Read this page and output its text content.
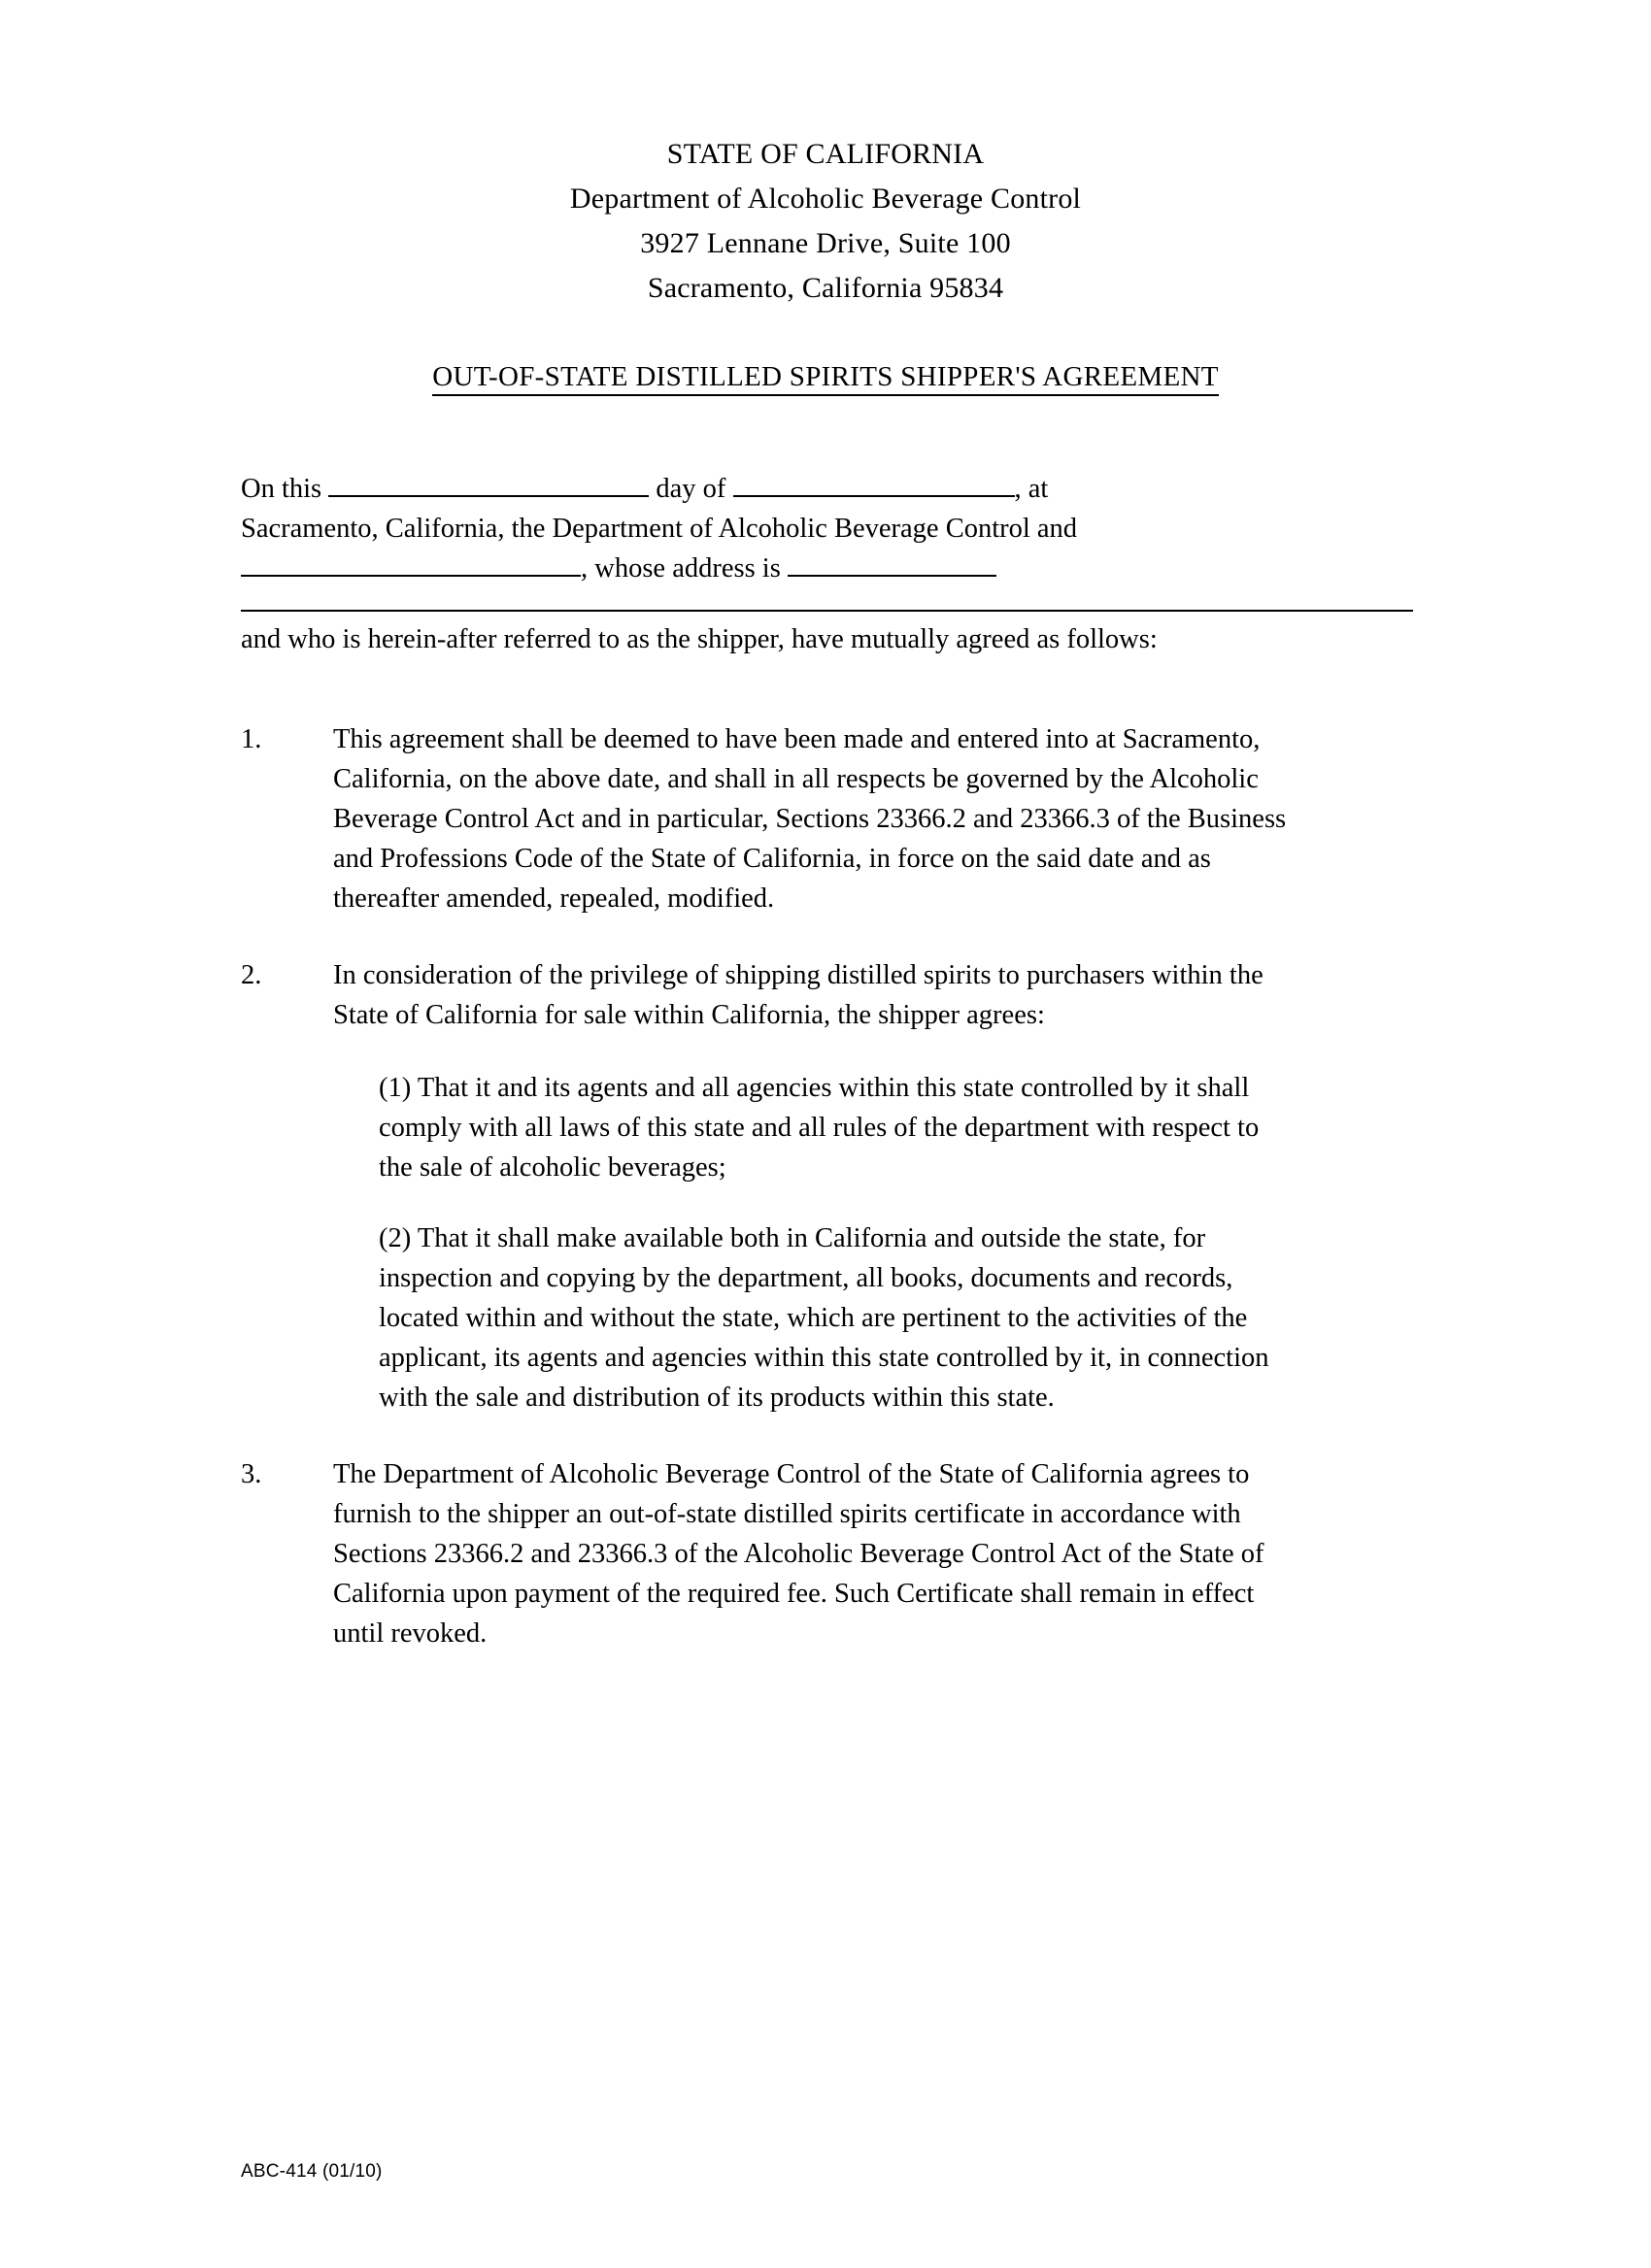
STATE OF CALIFORNIA
Department of Alcoholic Beverage Control
3927 Lennane Drive, Suite 100
Sacramento, California 95834
OUT-OF-STATE DISTILLED SPIRITS SHIPPER'S AGREEMENT
On this	day of	, at
Sacramento, California, the Department of Alcoholic Beverage Control and
, whose address is
and who is herein-after referred to as the shipper, have mutually agreed as follows:
1.	This agreement shall be deemed to have been made and entered into at Sacramento, California, on the above date, and shall in all respects be governed by the Alcoholic Beverage Control Act and in particular, Sections 23366.2 and 23366.3 of the Business and Professions Code of the State of California, in force on the said date and as thereafter amended, repealed, modified.
2.	In consideration of the privilege of shipping distilled spirits to purchasers within the State of California for sale within California, the shipper agrees:
(1) That it and its agents and all agencies within this state controlled by it shall comply with all laws of this state and all rules of the department with respect to the sale of alcoholic beverages;
(2) That it shall make available both in California and outside the state, for inspection and copying by the department, all books, documents and records, located within and without the state, which are pertinent to the activities of the applicant, its agents and agencies within this state controlled by it, in connection with the sale and distribution of its products within this state.
3.	The Department of Alcoholic Beverage Control of the State of California agrees to furnish to the shipper an out-of-state distilled spirits certificate in accordance with Sections 23366.2 and 23366.3 of the Alcoholic Beverage Control Act of the State of California upon payment of the required fee. Such Certificate shall remain in effect until revoked.
ABC-414 (01/10)
